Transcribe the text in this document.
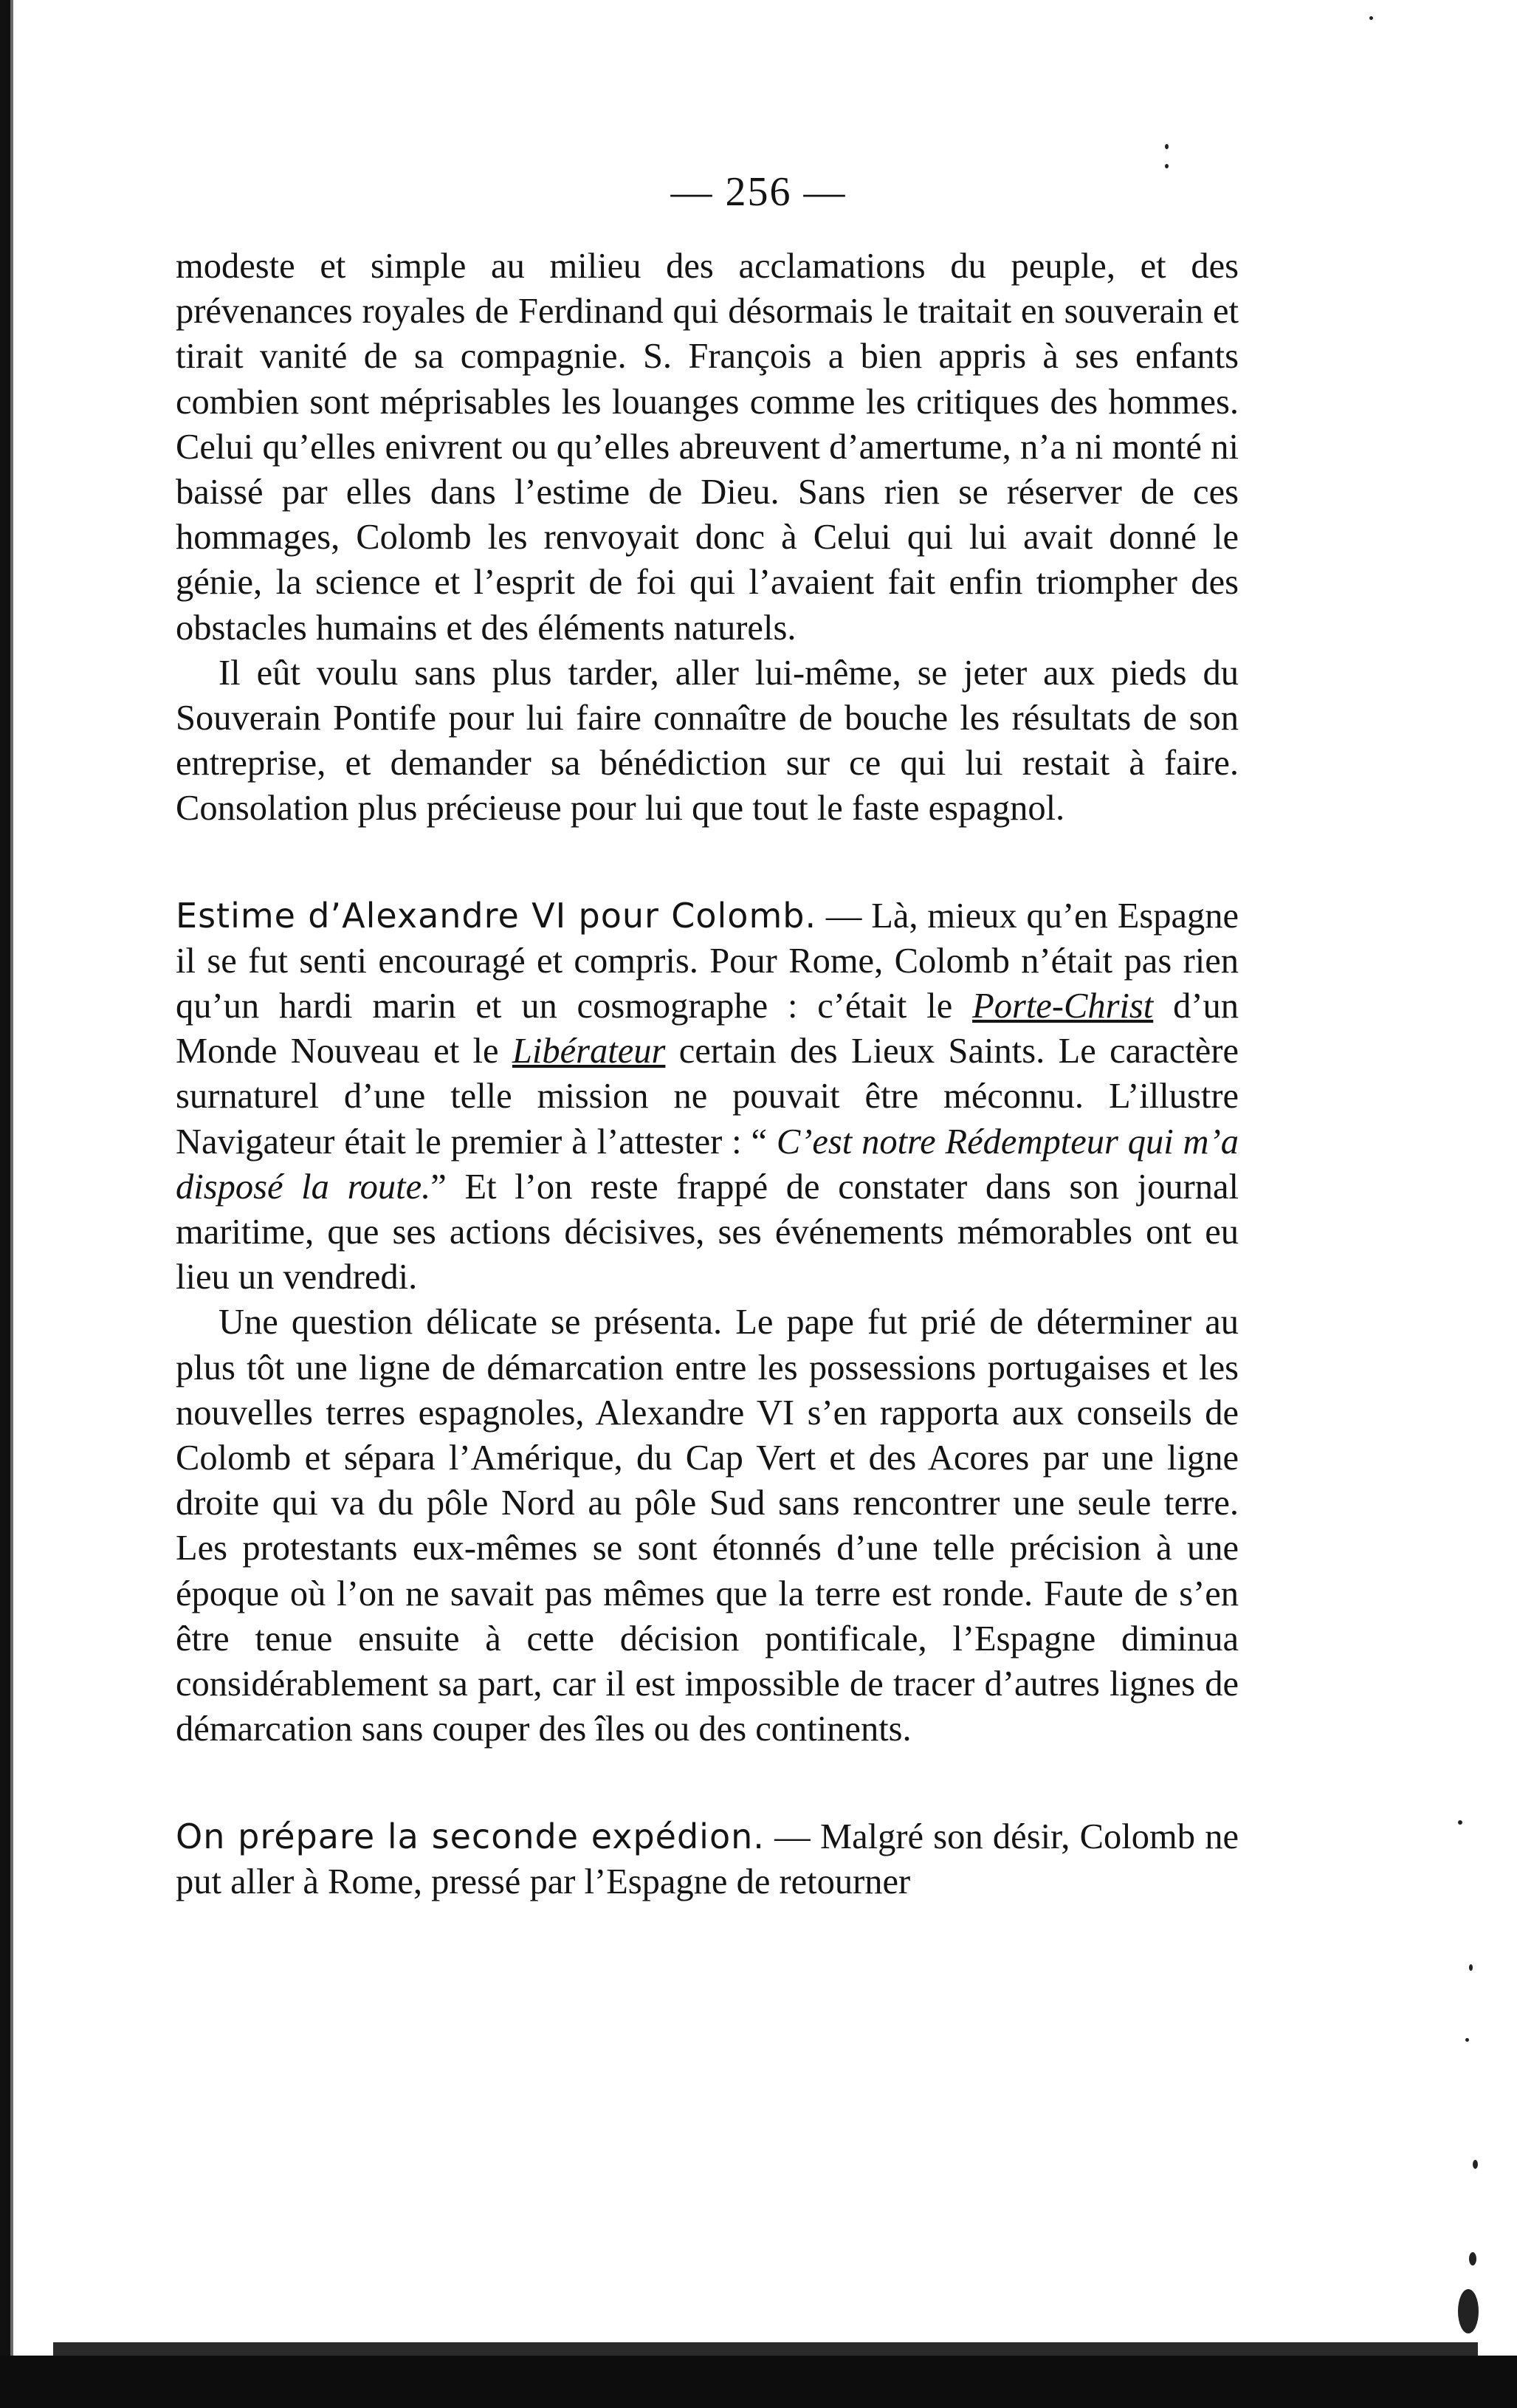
— 256 —

modeste et simple au milieu des acclamations du peuple, et des prévenances royales de Ferdinand qui désormais le traitait en souverain et tirait vanité de sa compagnie. S. François a bien appris à ses enfants combien sont méprisables les louanges comme les critiques des hommes. Celui qu’elles enivrent ou qu’elles abreuvent d’amertume, n’a ni monté ni baissé par elles dans l’estime de Dieu. Sans rien se réserver de ces hommages, Colomb les renvoyait donc à Celui qui lui avait donné le génie, la science et l’esprit de foi qui l’avaient fait enfin triompher des obstacles humains et des éléments naturels.

Il eût voulu sans plus tarder, aller lui-même, se jeter aux pieds du Souverain Pontife pour lui faire connaître de bouche les résultats de son entreprise, et demander sa bénédiction sur ce qui lui restait à faire. Consolation plus précieuse pour lui que tout le faste espagnol.

Estime d’Alexandre VI pour Colomb. — Là, mieux qu’en Espagne il se fut senti encouragé et compris. Pour Rome, Colomb n’était pas rien qu’un hardi marin et un cosmographe : c’était le Porte-Christ d’un Monde Nouveau et le Libérateur certain des Lieux Saints. Le caractère surnaturel d’une telle mission ne pouvait être méconnu. L’illustre Navigateur était le premier à l’attester : “ C’est notre Rédempteur qui m’a disposé la route.” Et l’on reste frappé de constater dans son journal maritime, que ses actions décisives, ses événements mémorables ont eu lieu un vendredi.

Une question délicate se présenta. Le pape fut prié de déterminer au plus tôt une ligne de démarcation entre les possessions portugaises et les nouvelles terres espagnoles, Alexandre VI s’en rapporta aux conseils de Colomb et sépara l’Amérique, du Cap Vert et des Acores par une ligne droite qui va du pôle Nord au pôle Sud sans rencontrer une seule terre. Les protestants eux-mêmes se sont étonnés d’une telle précision à une époque où l’on ne savait pas mêmes que la terre est ronde. Faute de s’en être tenue ensuite à cette décision pontificale, l’Espagne diminua considérablement sa part, car il est impossible de tracer d’autres lignes de démarcation sans couper des îles ou des continents.

On prépare la seconde expédion. — Malgré son désir, Colomb ne put aller à Rome, pressé par l’Espagne de retourner
